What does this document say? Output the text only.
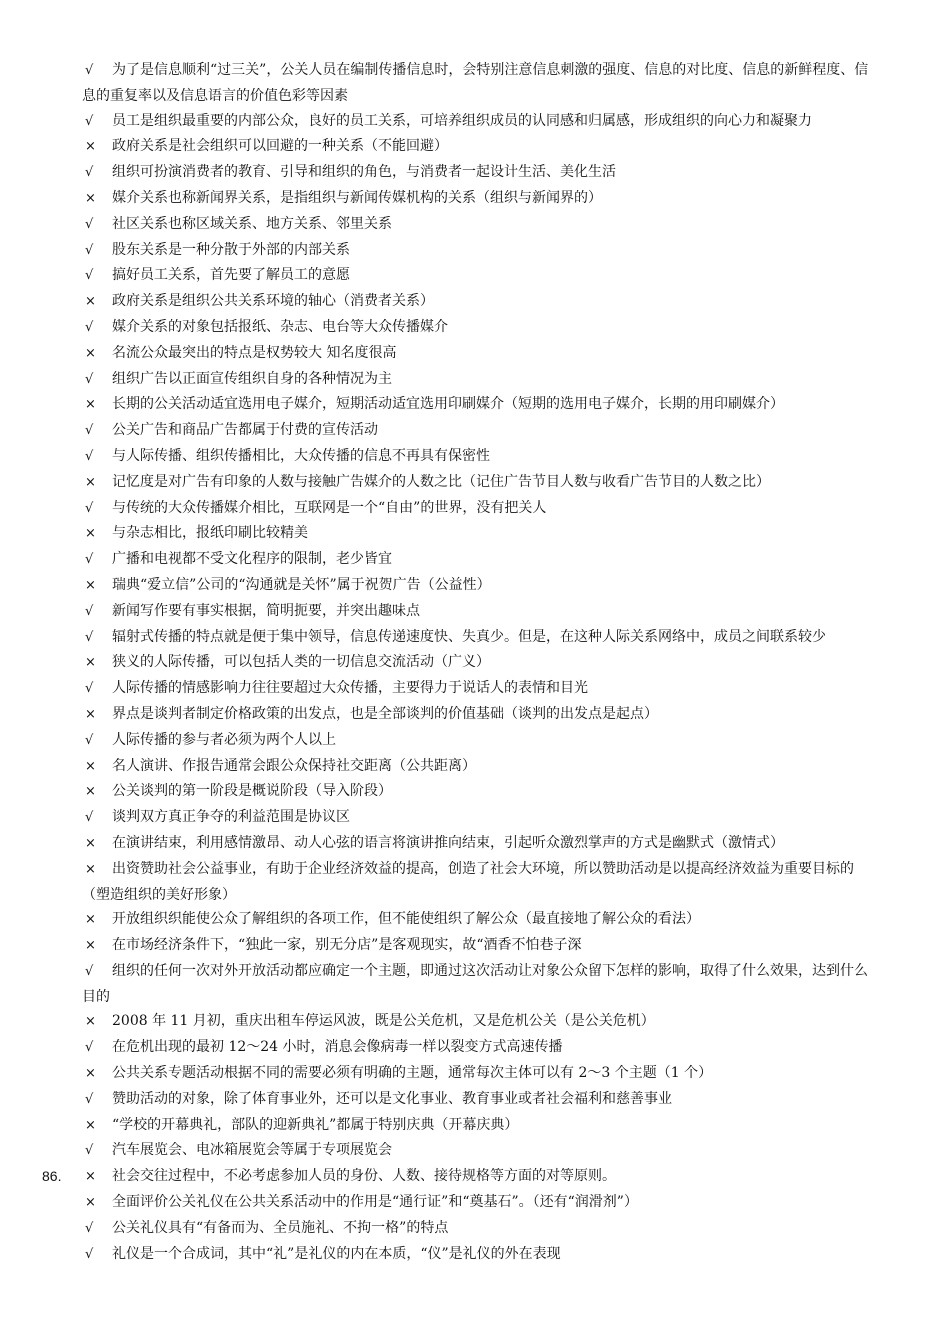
√ 为了是信息顺利“过三关”，公关人员在编制传播信息时，会特别注意信息刺激的强度、信息的对比度、信息的新鲜程度、信息的重复率以及信息语言的价值色彩等因素
√ 员工是组织最重要的内部公众，良好的员工关系，可培养组织成员的认同感和归属感，形成组织的向心力和凝聚力
× 政府关系是社会组织可以回避的一种关系（不能回避）
√ 组织可扮演消费者的教育、引导和组织的角色，与消费者一起设计生活、美化生活
× 媒介关系也称新闻界关系，是指组织与新闻传媒机构的关系（组织与新闻界的）
√ 社区关系也称区域关系、地方关系、邻里关系
√ 股东关系是一种分散于外部的内部关系
√ 搞好员工关系，首先要了解员工的意愿
× 政府关系是组织公共关系环境的轴心（消费者关系）
√ 媒介关系的对象包括报纸、杂志、电台等大众传播媒介
× 名流公众最突出的特点是权势较大 知名度很高
√ 组织广告以正面宣传组织自身的各种情况为主
× 长期的公关活动适宜选用电子媒介，短期活动适宜选用印刷媒介（短期的选用电子媒介，长期的用印刷媒介）
√ 公关广告和商品广告都属于付费的宣传活动
√ 与人际传播、组织传播相比，大众传播的信息不再具有保密性
× 记忆度是对广告有印象的人数与接触广告媒介的人数之比（记住广告节目人数与收看广告节目的人数之比）
√ 与传统的大众传播媒介相比，互联网是一个“自由”的世界，没有把关人
× 与杂志相比，报纸印刷比较精美
√ 广播和电视都不受文化程序的限制，老少皆宜
× 瑞典“爱立信”公司的“沟通就是关怀”属于祝贺广告（公益性）
√ 新闻写作要有事实根据，简明扼要，并突出趣味点
√ 辐射式传播的特点就是便于集中领导，信息传递速度快、失真少。但是，在这种人际关系网络中，成员之间联系较少
× 狭义的人际传播，可以包括人类的一切信息交流活动（广义）
√ 人际传播的情感影响力往往要超过大众传播，主要得力于说话人的表情和目光
× 界点是谈判者制定价格政策的出发点，也是全部谈判的价值基础（谈判的出发点是起点）
√ 人际传播的参与者必须为两个人以上
× 名人演讲、作报告通常会跟公众保持社交距离（公共距离）
× 公关谈判的第一阶段是概说阶段（导入阶段）
√ 谈判双方真正争夺的利益范围是协议区
× 在演讲结束，利用感情激昂、动人心弦的语言将演讲推向结束，引起听众激烈掌声的方式是幽默式（激情式）
× 出资赞助社会公益事业，有助于企业经济效益的提高，创造了社会大环境，所以赞助活动是以提高经济效益为重要目标的（塑造组织的美好形象）
× 开放组织织能使公众了解组织的各项工作，但不能使组织了解公众（最直接地了解公众的看法）
× 在市场经济条件下，“独此一家，别无分店”是客观现实，故“酒香不怕巷子深
√ 组织的任何一次对外开放活动都应确定一个主题，即通过这次活动让对象公众留下怎样的影响，取得了什么效果，达到什么目的
× 2008 年 11 月初，重庆出租车停运风波，既是公关危机，又是危机公关（是公关危机）
√ 在危机出现的最初 12～24 小时，消息会像病毒一样以裂变方式高速传播
× 公共关系专题活动根据不同的需要必须有明确的主题，通常每次主体可以有 2～3 个主题（1 个）
√ 赞助活动的对象，除了体育事业外，还可以是文化事业、教育事业或者社会福利和慈善事业
× “学校的开幕典礼，部队的迎新典礼”都属于特别庆典（开幕庆典）
√ 汽车展览会、电冰箱展览会等属于专项展览会
86. × 社会交往过程中，不必考虑参加人员的身份、人数、接待规格等方面的对等原则。
× 全面评价公关礼仪在公共关系活动中的作用是“通行证”和“奠基石”。（还有“润滑剂”）
√ 公关礼仪具有“有备而为、全员施礼、不拘一格”的特点
√ 礼仪是一个合成词，其中“礼”是礼仪的内在本质，“仪”是礼仪的外在表现
